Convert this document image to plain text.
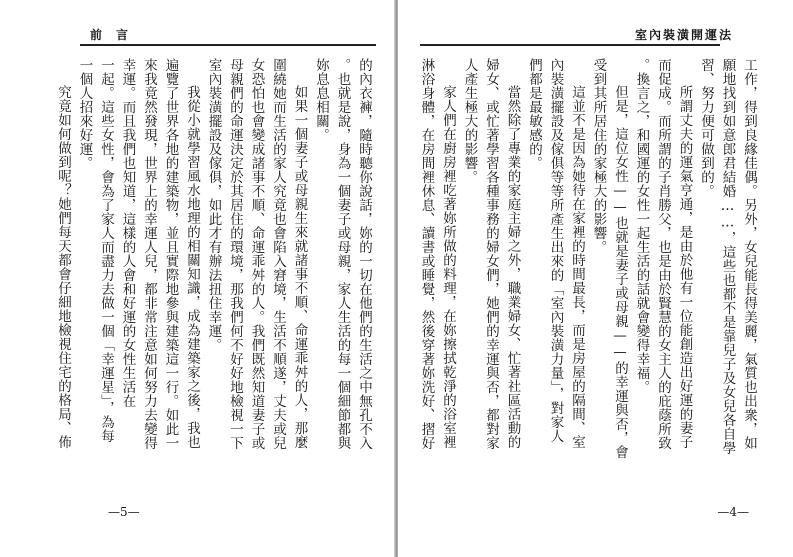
前言
的內衣褲，隨時聽你說話，妳的一切在他們的生活之中無孔不入
。也就是說，身為一個妻子或母親，家人生活的每一個細節都與
妳息息相關。
如果一個妻子或母親生來就諸事不順、命運乖舛的人，那麼
圍繞她而生活的家人究竟也會陷入窘境，生活不順遂，丈夫或兒
女恐怕也會變成諸事不順、命運乖舛的人。我們既然知道妻子或
母親們的命運決定於其居住的環境，那我們何不好好地檢視一下
室內裝潢擺設及傢俱，如此才有辦法扭住幸運。
我從小就學習風水地理的相關知識，成為建築家之後，我也
遍覽了世界各地的建築物，並且實際地參與建築這一行。如此一
來我竟然發現，世界上的幸運人兒，都非常注意如何努力去變得
幸運。而且我們也知道，這樣的人會和好運的女性生活在
一起。這些女性，會為了家人而盡力去做一個「幸運星」，為每
一個人招來好運。
究竟如何做到呢？她們每天都會仔細地檢視住宅的格局、佈
—5—
室內裝潢開運法
工作，得到良緣佳偶。另外，女兒能長得美麗，氣質也出衆，如
願地找到如意郎君結婚……，這些也都不是靠兒子及女兒各自學
習、努力便可做到的。
所謂丈夫的運氣亨通，是由於他有一位能創造出好運的妻子
而促成。而所謂的子肖勝父，也是由於賢慧的女主人的庇蔭所致
。換言之，和國運的女性一起生活的話就會變得幸福。
但是，這位女性——也就是妻子或母親——的幸運與否，會
受到其所居住的家極大的影響。
這並不是因為她待在家裡的時間最長，而是房屋的隔間、室
內裝潢擺設及傢俱等等所產生出來的「室內裝潢力量」，對家人
們都是最敏感的。
當然除了專業的家庭主婦之外，職業婦女、忙著社區活動的
婦女、或忙著學習各種事務的婦女們，她們的幸運與否，都對家
人產生極大的影響。
家人們在廚房裡吃著妳所做的料理，在妳擦拭乾淨的浴室裡
淋浴身體，在房間裡休息、讀書或睡覺，然後穿著妳洗好、摺好
—4—
